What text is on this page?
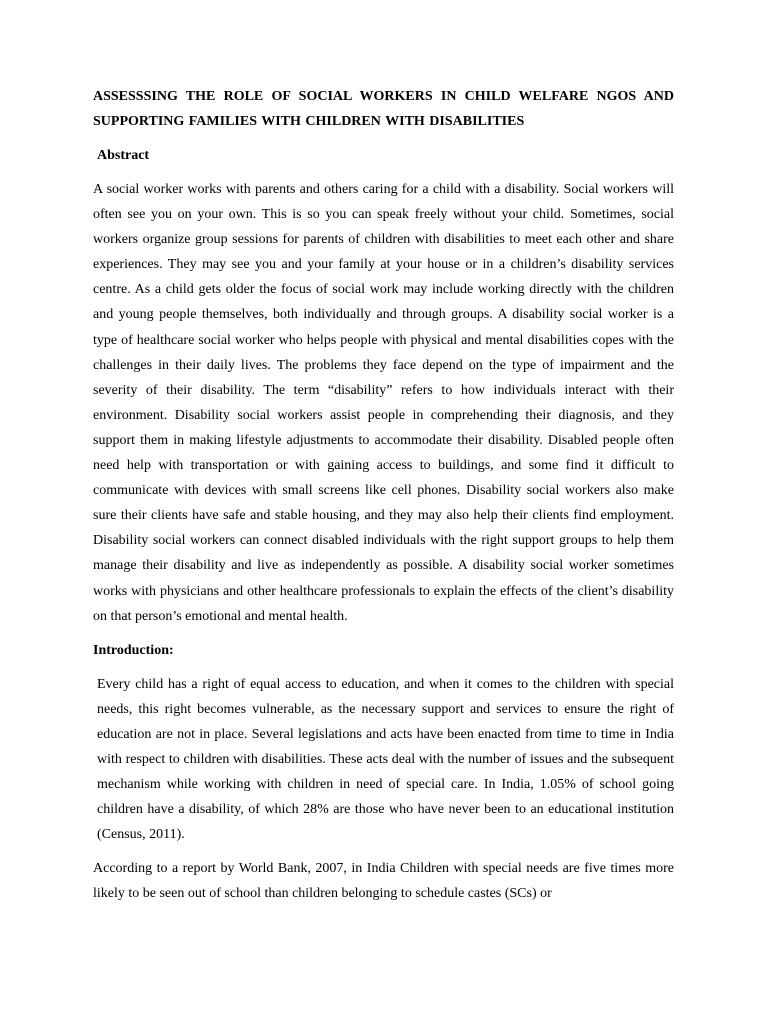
ASSESSSING THE ROLE OF SOCIAL WORKERS IN CHILD WELFARE NGOS AND SUPPORTING FAMILIES WITH CHILDREN WITH DISABILITIES

Abstract

A social worker works with parents and others caring for a child with a disability. Social workers will often see you on your own. This is so you can speak freely without your child. Sometimes, social workers organize group sessions for parents of children with disabilities to meet each other and share experiences. They may see you and your family at your house or in a children’s disability services centre. As a child gets older the focus of social work may include working directly with the children and young people themselves, both individually and through groups. A disability social worker is a type of healthcare social worker who helps people with physical and mental disabilities copes with the challenges in their daily lives. The problems they face depend on the type of impairment and the severity of their disability. The term “disability” refers to how individuals interact with their environment. Disability social workers assist people in comprehending their diagnosis, and they support them in making lifestyle adjustments to accommodate their disability. Disabled people often need help with transportation or with gaining access to buildings, and some find it difficult to communicate with devices with small screens like cell phones. Disability social workers also make sure their clients have safe and stable housing, and they may also help their clients find employment. Disability social workers can connect disabled individuals with the right support groups to help them manage their disability and live as independently as possible. A disability social worker sometimes works with physicians and other healthcare professionals to explain the effects of the client’s disability on that person’s emotional and mental health.

Introduction:

Every child has a right of equal access to education, and when it comes to the children with special needs, this right becomes vulnerable, as the necessary support and services to ensure the right of education are not in place. Several legislations and acts have been enacted from time to time in India with respect to children with disabilities. These acts deal with the number of issues and the subsequent mechanism while working with children in need of special care. In India, 1.05% of school going children have a disability, of which 28% are those who have never been to an educational institution (Census, 2011).

According to a report by World Bank, 2007, in India Children with special needs are five times more likely to be seen out of school than children belonging to schedule castes (SCs) or
